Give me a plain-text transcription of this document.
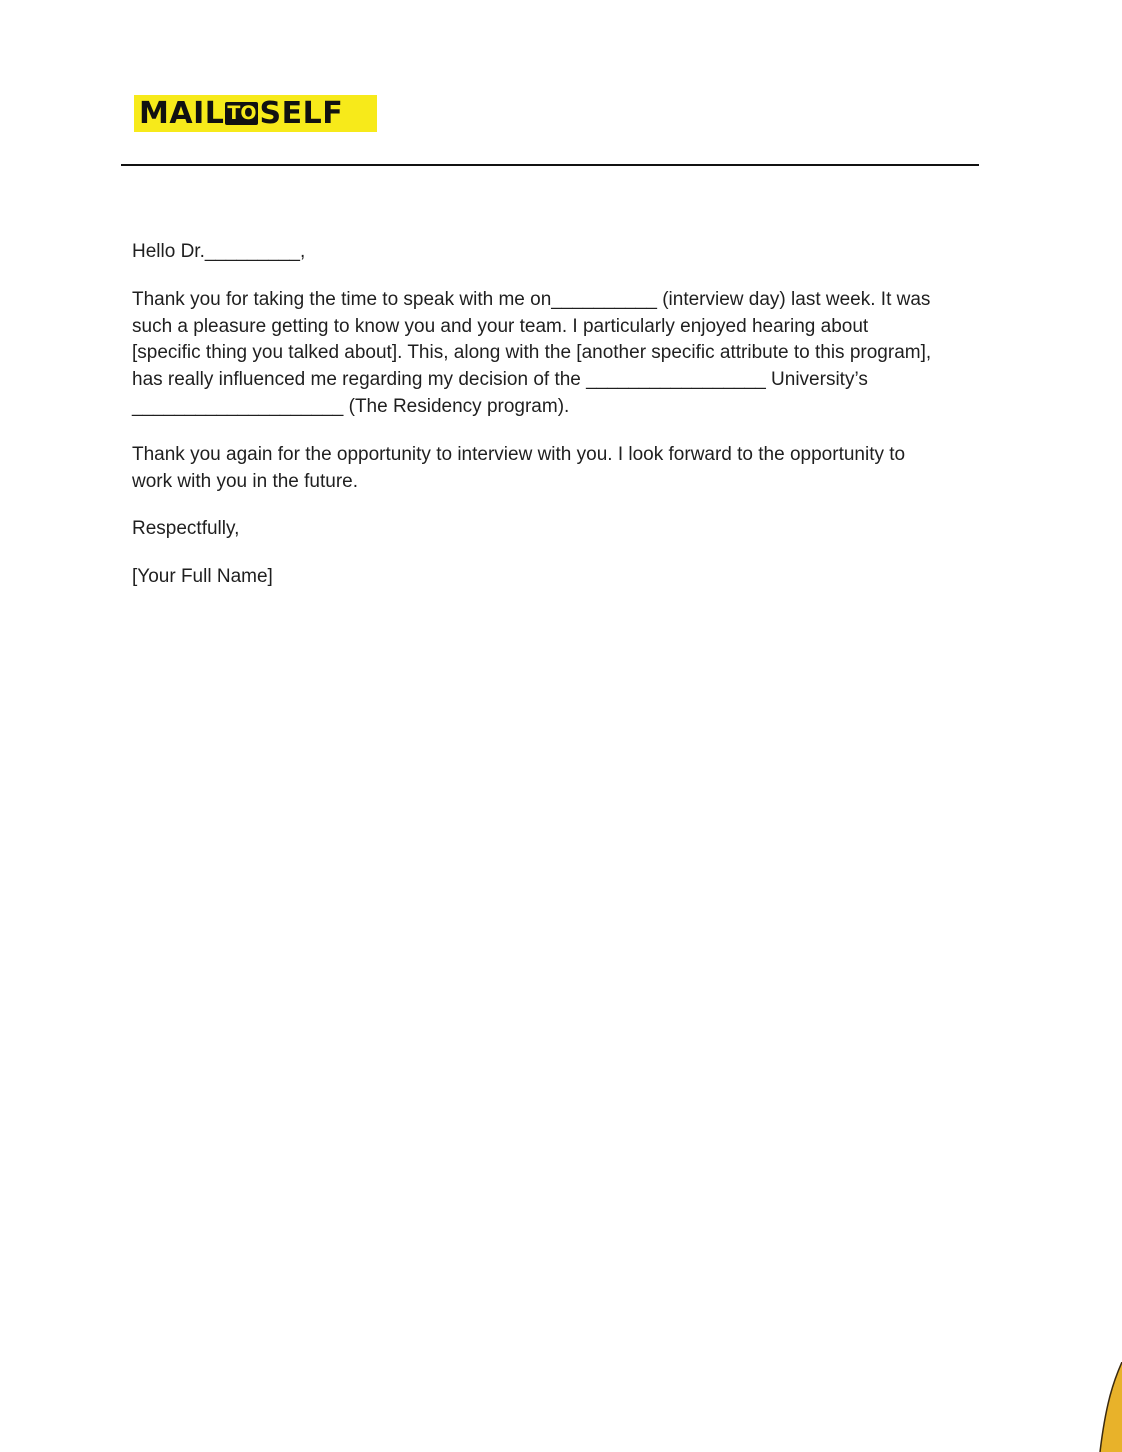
MAIL TO SELF

Hello Dr._________,

Thank you for taking the time to speak with me on__________ (interview day) last week. It was
such a pleasure getting to know you and your team. I particularly enjoyed hearing about
[specific thing you talked about]. This, along with the [another specific attribute to this program],
has really influenced me regarding my decision of the _________________ University’s
____________________ (The Residency program).

Thank you again for the opportunity to interview with you. I look forward to the opportunity to
work with you in the future.

Respectfully,

[Your Full Name]
